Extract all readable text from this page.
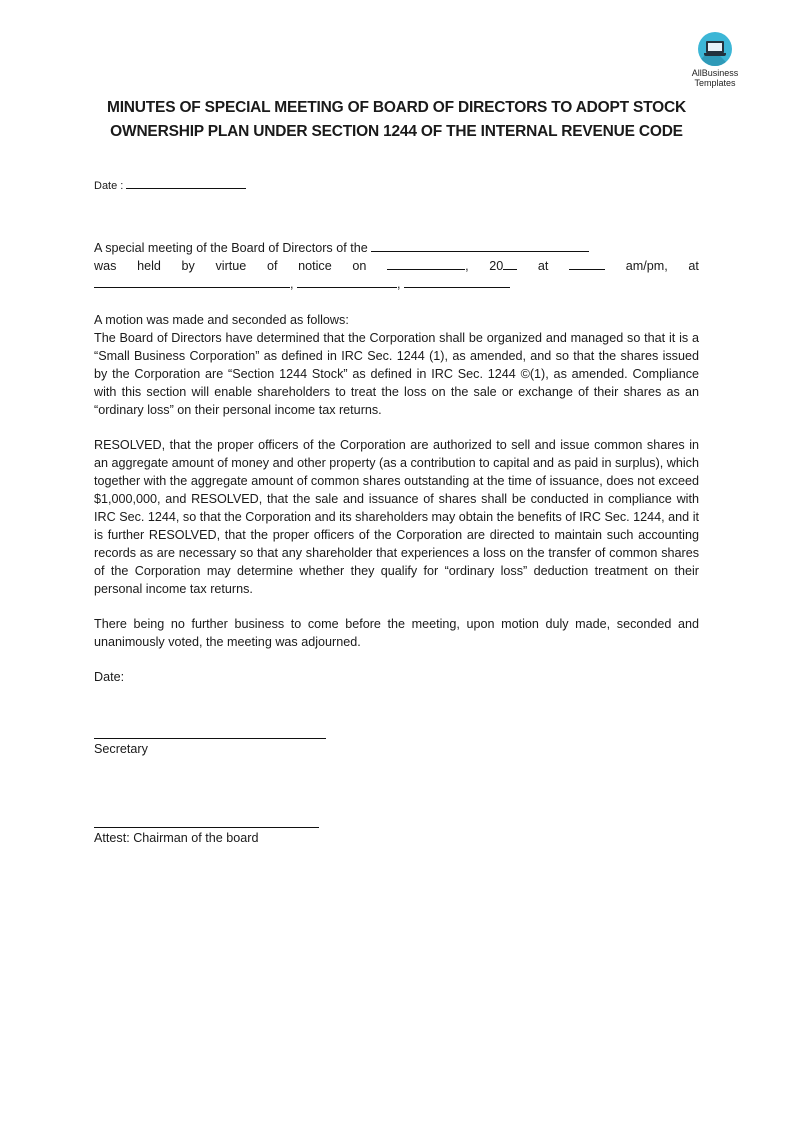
AllBusiness
Templates
MINUTES OF SPECIAL MEETING OF BOARD OF DIRECTORS TO ADOPT STOCK
OWNERSHIP PLAN UNDER SECTION 1244 OF THE INTERNAL REVENUE CODE
Date :
A special meeting of the Board of Directors of the
was held by virtue of notice on	, 20	at	am/pm, at
,	,
A motion was made and seconded as follows:
The Board of Directors have determined that the Corporation shall be organized and managed so that it is a “Small Business Corporation” as defined in IRC Sec. 1244 (1), as amended, and so that the shares issued by the Corporation are “Section 1244 Stock” as defined in IRC Sec. 1244 ©(1), as amended. Compliance with this section will enable shareholders to treat the loss on the sale or exchange of their shares as an “ordinary loss” on their personal income tax returns.
RESOLVED, that the proper officers of the Corporation are authorized to sell and issue common shares in an aggregate amount of money and other property (as a contribution to capital and as paid in surplus), which together with the aggregate amount of common shares outstanding at the time of issuance, does not exceed $1,000,000, and RESOLVED, that the sale and issuance of shares shall be conducted in compliance with IRC Sec. 1244, so that the Corporation and its shareholders may obtain the benefits of IRC Sec. 1244, and it is further RESOLVED, that the proper officers of the Corporation are directed to maintain such accounting records as are necessary so that any shareholder that experiences a loss on the transfer of common shares of the Corporation may determine whether they qualify for “ordinary loss” deduction treatment on their personal income tax returns.
There being no further business to come before the meeting, upon motion duly made, seconded and unanimously voted, the meeting was adjourned.
Date:
Secretary
Attest: Chairman of the board
